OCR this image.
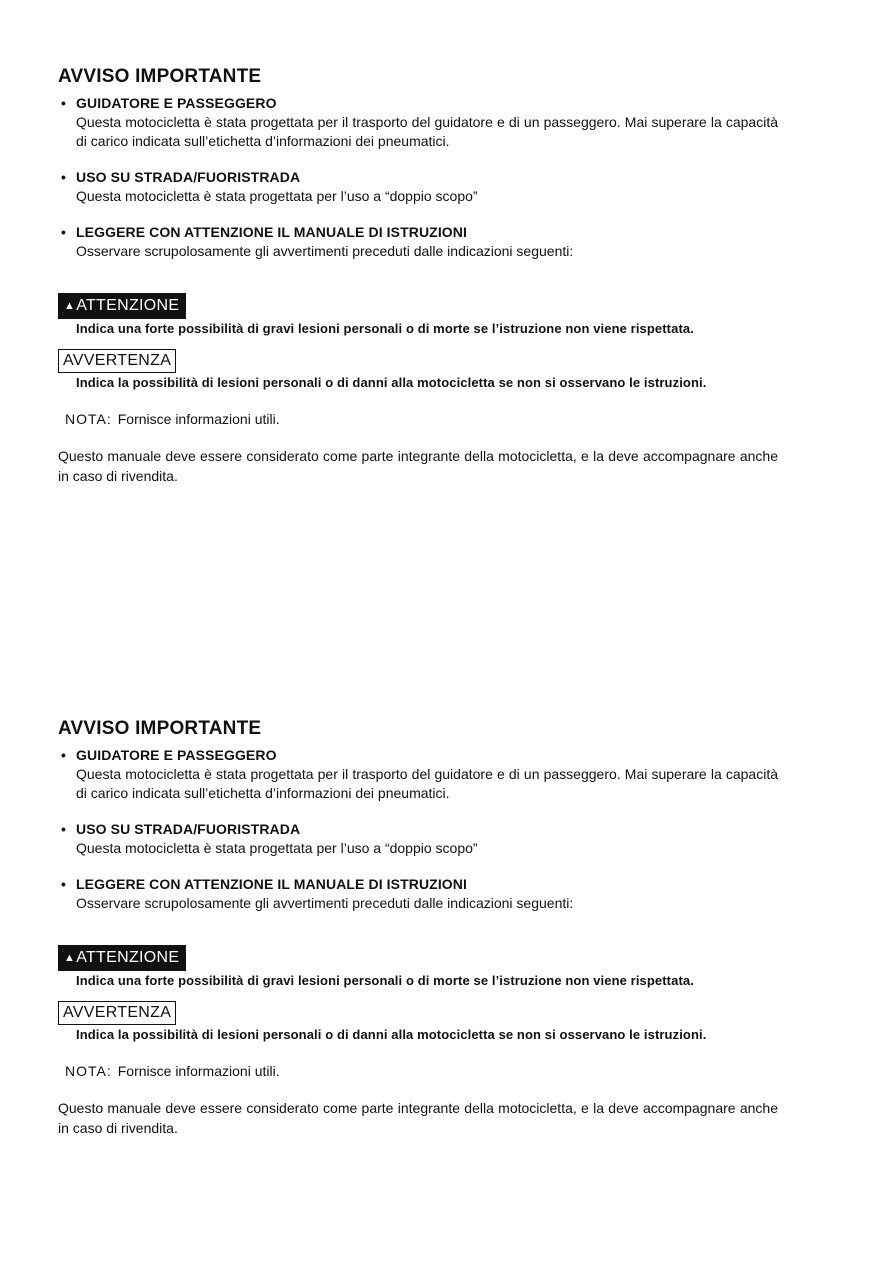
AVVISO IMPORTANTE
• GUIDATORE E PASSEGGERO
Questa motocicletta è stata progettata per il trasporto del guidatore e di un passeggero. Mai superare la capacità di carico indicata sull’etichetta d’informazioni dei pneumatici.
• USO SU STRADA/FUORISTRADA
Questa motocicletta è stata progettata per l’uso a “doppio scopo”
• LEGGERE CON ATTENZIONE IL MANUALE DI ISTRUZIONI
Osservare scrupolosamente gli avvertimenti preceduti dalle indicazioni seguenti:
▲ATTENZIONE
Indica una forte possibilità di gravi lesioni personali o di morte se l’istruzione non viene rispettata.
AVVERTENZA
Indica la possibilità di lesioni personali o di danni alla motocicletta se non si osservano le istruzioni.
NOTA: Fornisce informazioni utili.
Questo manuale deve essere considerato come parte integrante della motocicletta, e la deve accompagnare anche in caso di rivendita.
AVVISO IMPORTANTE
• GUIDATORE E PASSEGGERO
Questa motocicletta è stata progettata per il trasporto del guidatore e di un passeggero. Mai superare la capacità di carico indicata sull’etichetta d’informazioni dei pneumatici.
• USO SU STRADA/FUORISTRADA
Questa motocicletta è stata progettata per l’uso a “doppio scopo”
• LEGGERE CON ATTENZIONE IL MANUALE DI ISTRUZIONI
Osservare scrupolosamente gli avvertimenti preceduti dalle indicazioni seguenti:
▲ATTENZIONE
Indica una forte possibilità di gravi lesioni personali o di morte se l’istruzione non viene rispettata.
AVVERTENZA
Indica la possibilità di lesioni personali o di danni alla motocicletta se non si osservano le istruzioni.
NOTA: Fornisce informazioni utili.
Questo manuale deve essere considerato come parte integrante della motocicletta, e la deve accompagnare anche in caso di rivendita.
